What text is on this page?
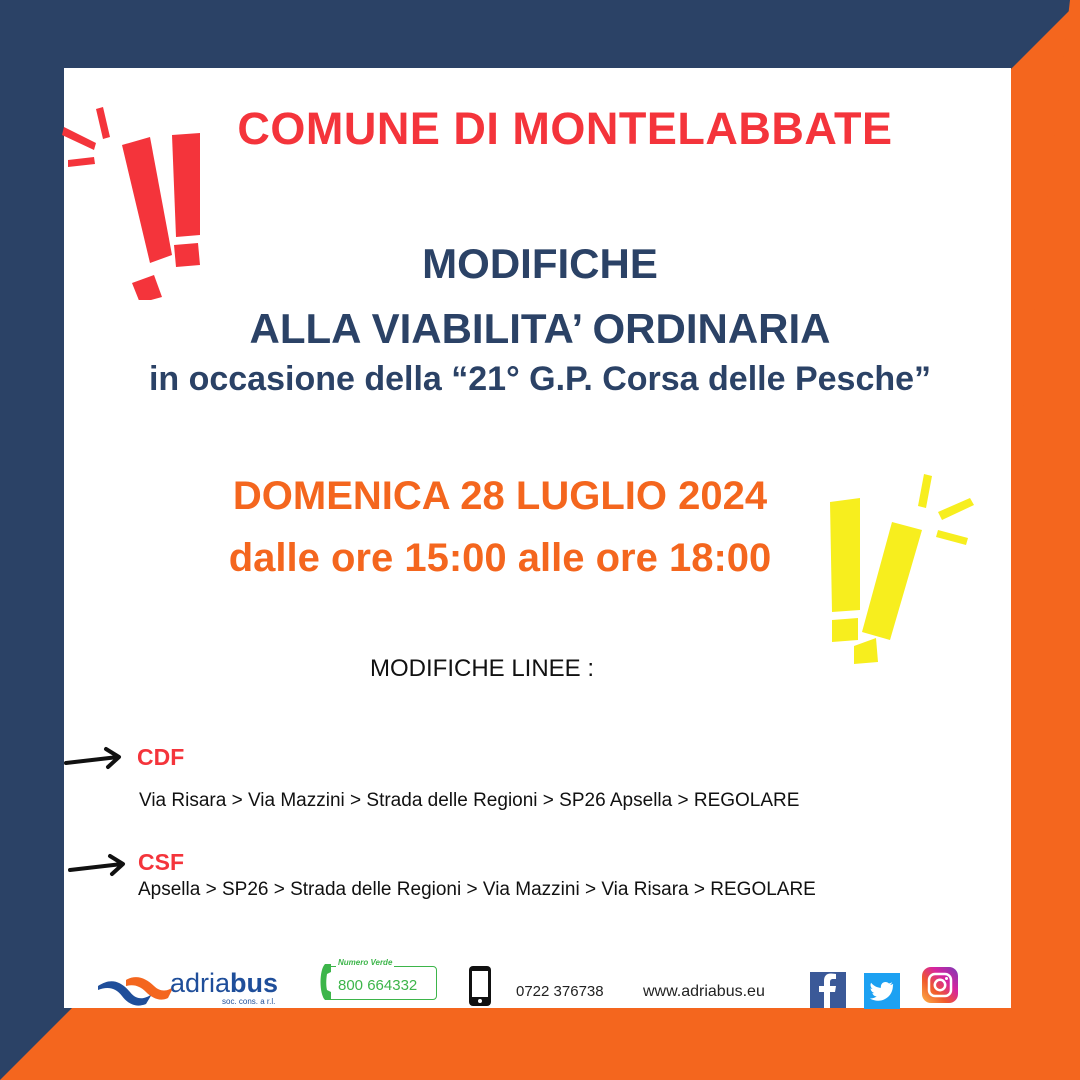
COMUNE DI MONTELABBATE
MODIFICHE
ALLA VIABILITA’ ORDINARIA
in occasione della “21° G.P. Corsa delle Pesche”
DOMENICA 28 LUGLIO 2024
dalle ore 15:00 alle ore 18:00
MODIFICHE LINEE :
CDF
Via Risara > Via Mazzini > Strada delle Regioni > SP26 Apsella > REGOLARE
CSF
Apsella > SP26 > Strada delle Regioni > Via Mazzini > Via Risara > REGOLARE
adriabus
soc. cons. a r.l.
Numero Verde
800 664332	0722 376738 www.adriabus.eu
